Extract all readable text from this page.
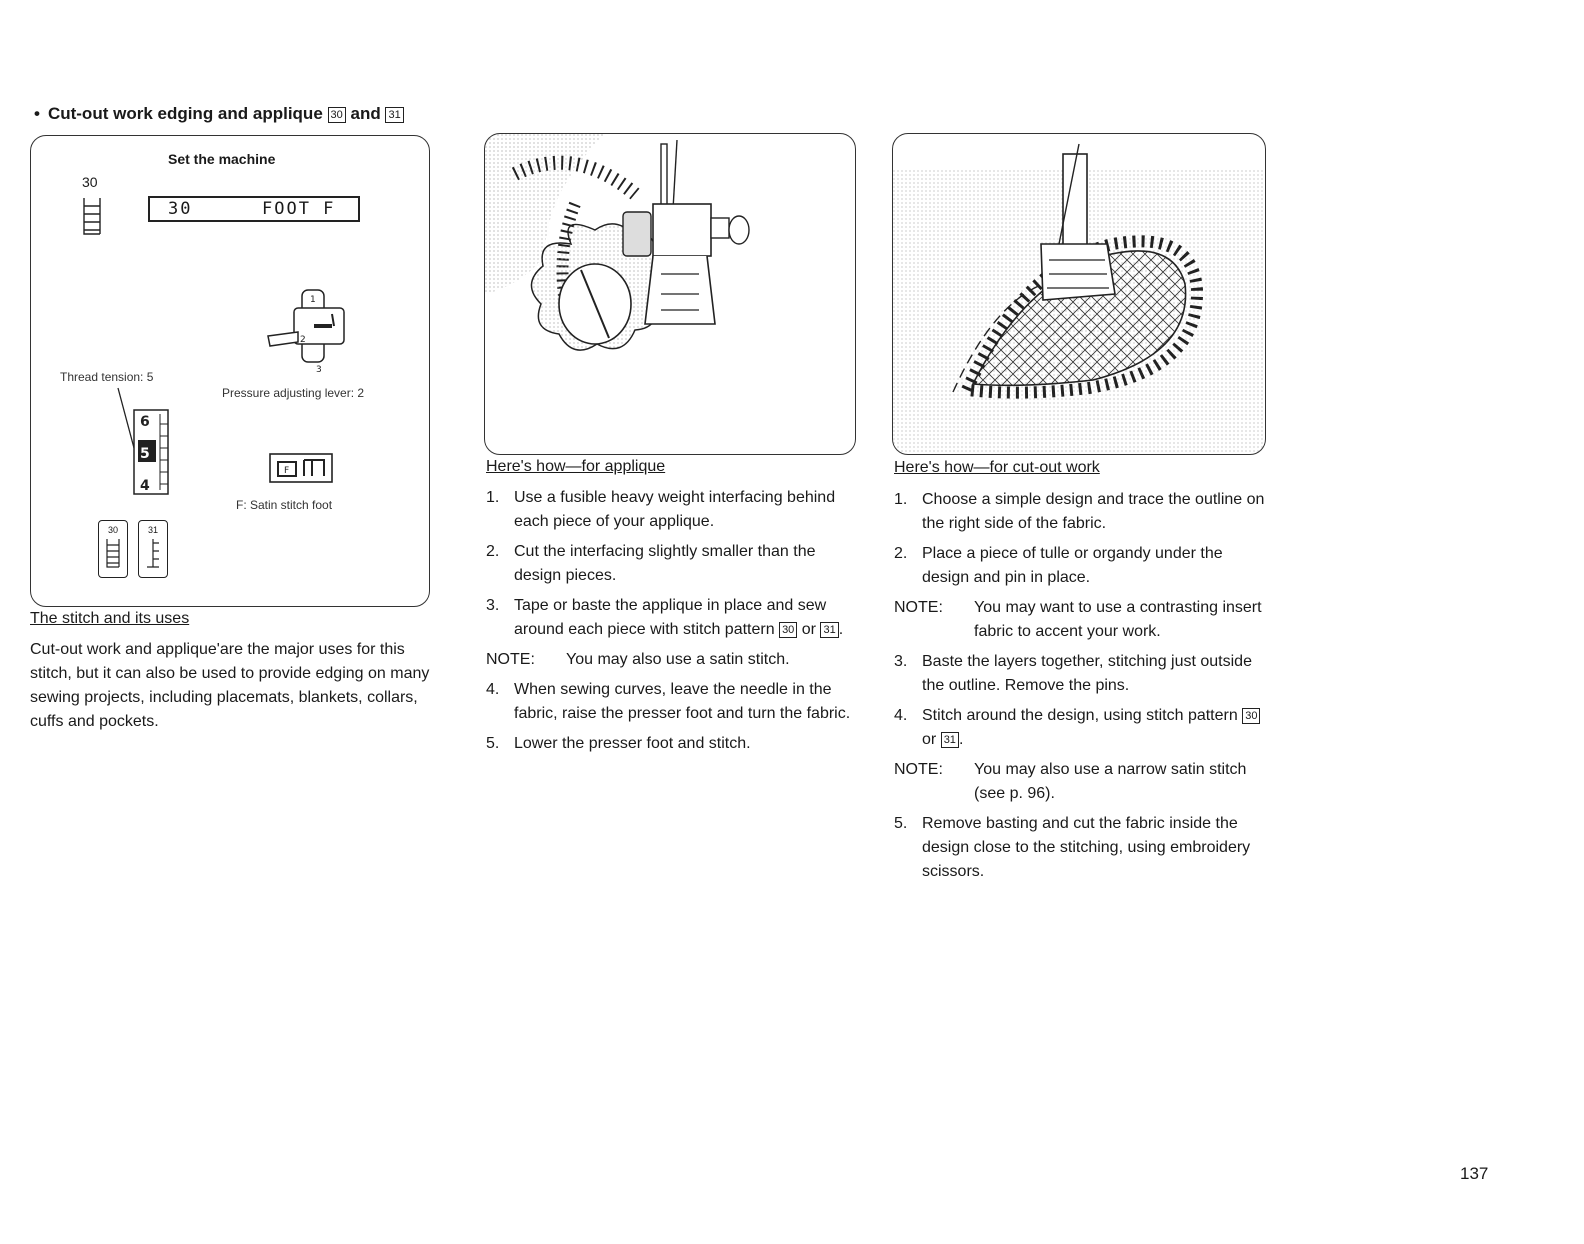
• Cut-out work edging and applique 30 and 31
Set the machine
30
30	FOOT F
1
2
3
Thread tension: 5
Pressure adjusting lever: 2
6
5
4
F
F: Satin stitch foot
30	31
The stitch and its uses
Cut-out work and applique'are the major uses for this stitch, but it can also be used to provide edging on many sewing projects, including placemats, blankets, collars, cuffs and pockets.
Here's how—for applique
1. Use a fusible heavy weight interfacing behind each piece of your applique.
2. Cut the interfacing slightly smaller than the design pieces.
3. Tape or baste the applique in place and sew around each piece with stitch pattern 30 or 31 .
NOTE: You may also use a satin stitch.
4. When sewing curves, leave the needle in the fabric, raise the presser foot and turn the fabric.
5. Lower the presser foot and stitch.
Here's how—for cut-out work
1. Choose a simple design and trace the outline on the right side of the fabric.
2. Place a piece of tulle or organdy under the design and pin in place.
NOTE: You may want to use a contrasting insert fabric to accent your work.
3. Baste the layers together, stitching just outside the outline. Remove the pins.
4. Stitch around the design, using stitch pattern 30 or 31 .
NOTE: You may also use a narrow satin stitch (see p. 96).
5. Remove basting and cut the fabric inside the design close to the stitching, using embroidery scissors.
137
